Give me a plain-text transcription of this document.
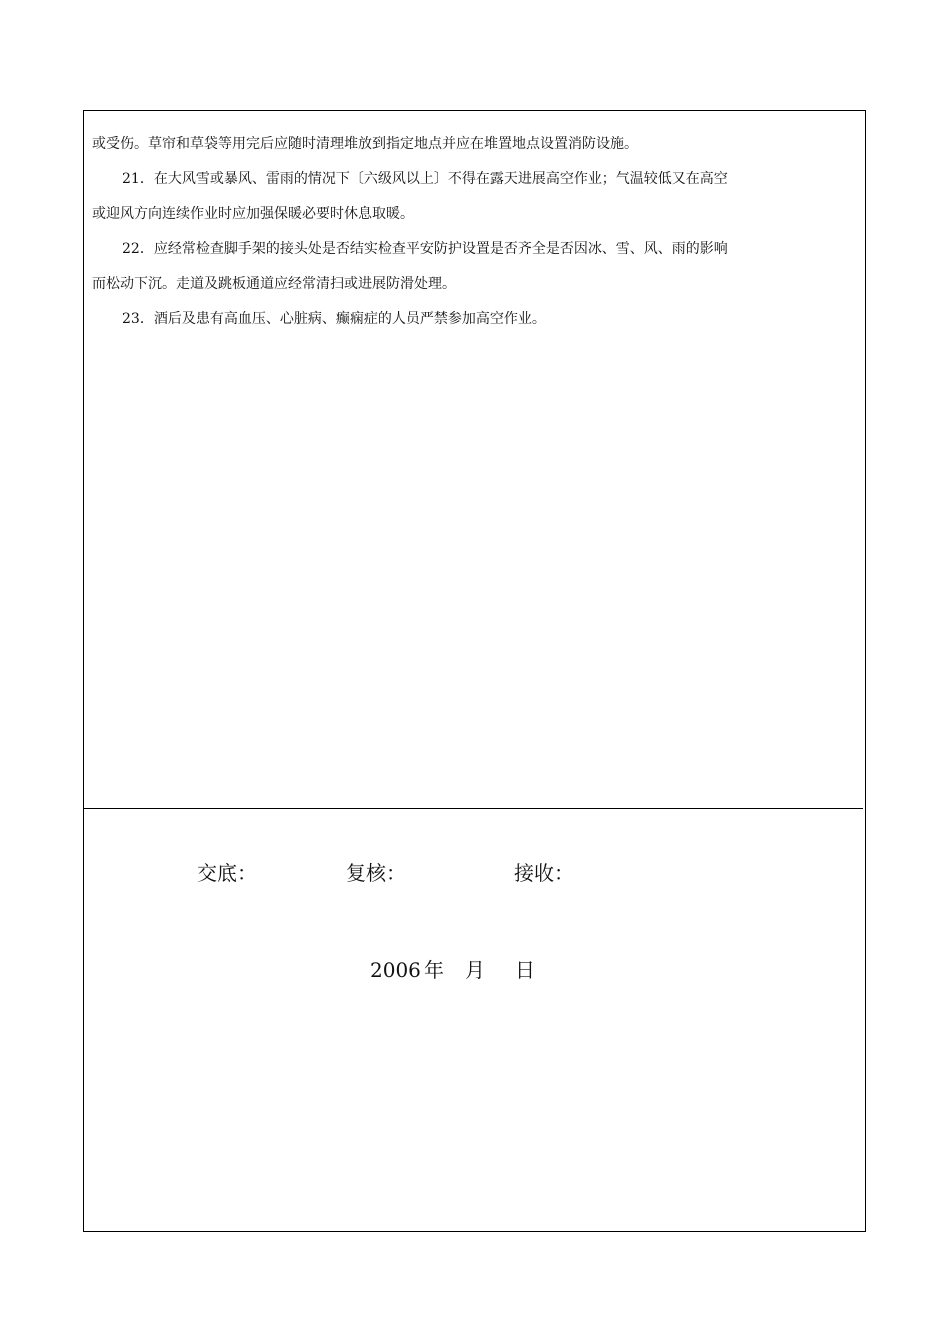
或受伤。草帘和草袋等用完后应随时清理堆放到指定地点并应在堆置地点设置消防设施。

21．在大风雪或暴风、雷雨的情况下〔六级风以上〕不得在露天进展高空作业；气温较低又在高空

或迎风方向连续作业时应加强保暖必要时休息取暖。

22．应经常检查脚手架的接头处是否结实检查平安防护设置是否齐全是否因冰、雪、风、雨的影响

而松动下沉。走道及跳板通道应经常清扫或进展防滑处理。

23．酒后及患有高血压、心脏病、癫痫症的人员严禁参加高空作业。

交底：	复核：	接收：
2006 年 月 日
